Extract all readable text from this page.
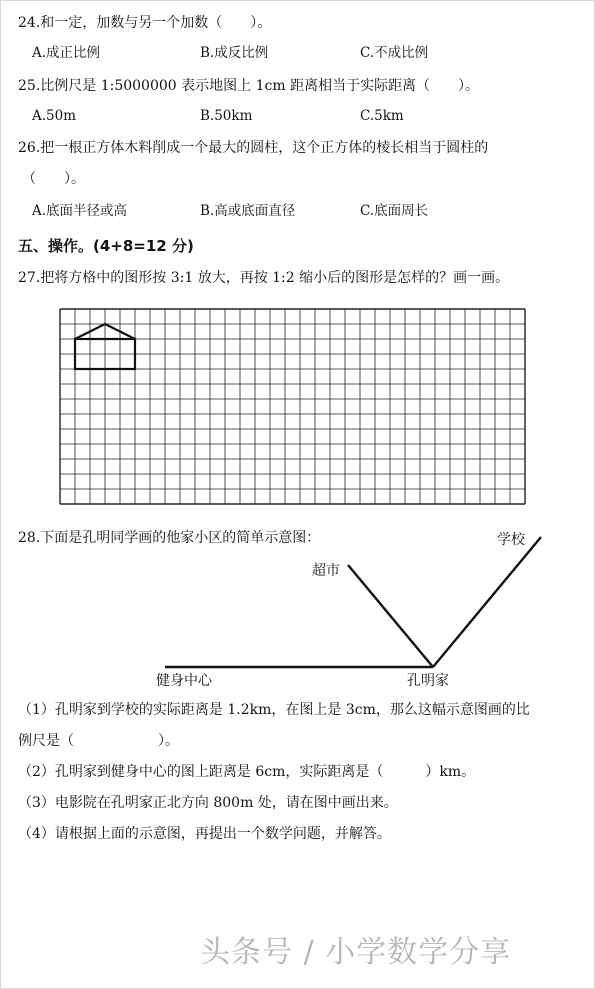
24.和一定，加数与另一个加数（　　）。
A.成正比例	B.成反比例	C.不成比例
25.比例尺是 1:5000000 表示地图上 1cm 距离相当于实际距离（　　）。
A.50m	B.50km	C.5km
26.把一根正方体木料削成一个最大的圆柱，这个正方体的棱长相当于圆柱的
（　　）。
A.底面半径或高	B.高或底面直径	C.底面周长
五、操作。(4+8=12 分)
27.把将方格中的图形按 3:1 放大，再按 1:2 缩小后的图形是怎样的？画一画。
28.下面是孔明同学画的他家小区的简单示意图：	学校
超市
健身中心	孔明家
（1）孔明家到学校的实际距离是 1.2km，在图上是 3cm，那么这幅示意图画的比
例尺是（　　　　　　）。
（2）孔明家到健身中心的图上距离是 6cm，实际距离是（　　　）km。
（3）电影院在孔明家正北方向 800m 处，请在图中画出来。
（4）请根据上面的示意图，再提出一个数学问题，并解答。
头条号 / 小学数学分享
